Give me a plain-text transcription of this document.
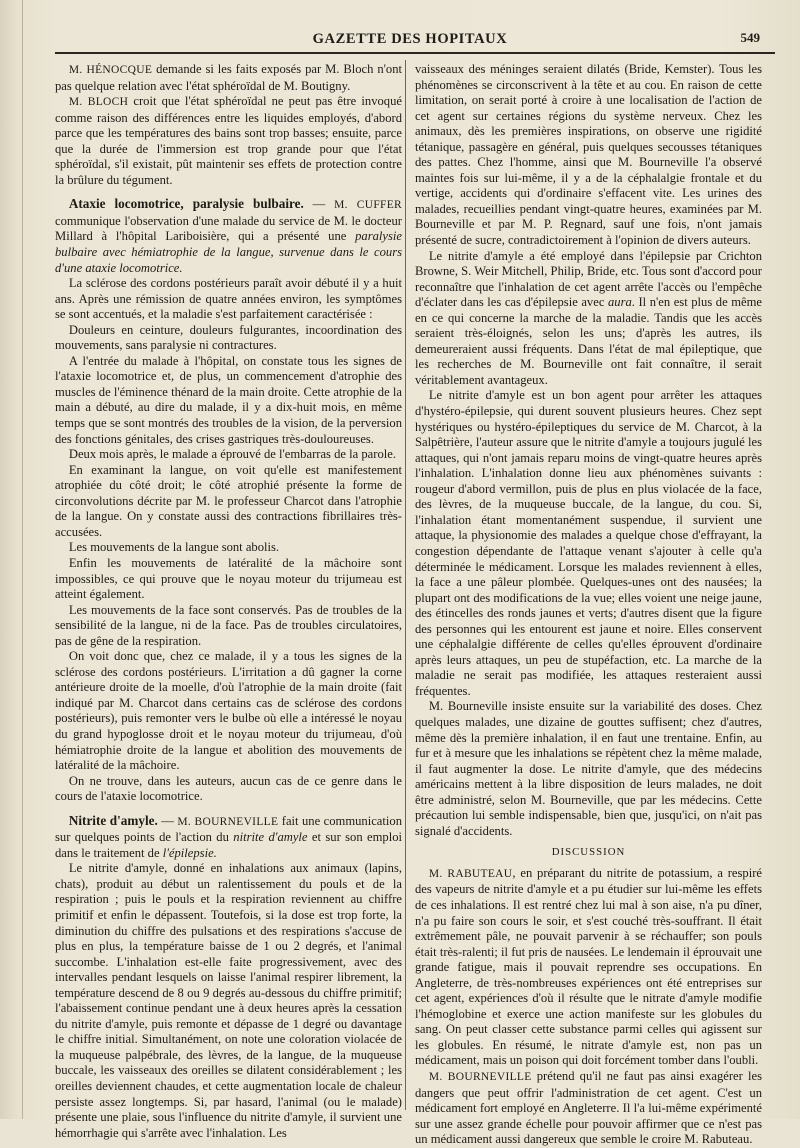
GAZETTE DES HOPITAUX	549

M. HÉNOCQUE demande si les faits exposés par M. Bloch n'ont pas quelque relation avec l'état sphéroïdal de M. Boutigny.

M. BLOCH croit que l'état sphéroïdal ne peut pas être invoqué comme raison des différences entre les liquides employés, d'abord parce que les températures des bains sont trop basses; ensuite, parce que la durée de l'immersion est trop grande pour que l'état sphéroïdal, s'il existait, pût maintenir ses effets de protection contre la brûlure du tégument.

Ataxie locomotrice, paralysie bulbaire. — M. CUFFER communique l'observation d'une malade du service de M. le docteur Millard à l'hôpital Lariboisière, qui a présenté une paralysie bulbaire avec hémiatrophie de la langue, survenue dans le cours d'une ataxie locomotrice.

La sclérose des cordons postérieurs paraît avoir débuté il y a huit ans. Après une rémission de quatre années environ, les symptômes se sont accentués, et la maladie s'est parfaitement caractérisée :

Douleurs en ceinture, douleurs fulgurantes, incoordination des mouvements, sans paralysie ni contractures.

A l'entrée du malade à l'hôpital, on constate tous les signes de l'ataxie locomotrice et, de plus, un commencement d'atrophie des muscles de l'éminence thénard de la main droite. Cette atrophie de la main a débuté, au dire du malade, il y a dix-huit mois, en même temps que se sont montrés des troubles de la vision, de la perversion des fonctions génitales, des crises gastriques très-douloureuses.

Deux mois après, le malade a éprouvé de l'embarras de la parole.

En examinant la langue, on voit qu'elle est manifestement atrophiée du côté droit; le côté atrophié présente la forme de circonvolutions décrite par M. le professeur Charcot dans l'atrophie de la langue. On y constate aussi des contractions fibrillaires très-accusées.

Les mouvements de la langue sont abolis.

Enfin les mouvements de latéralité de la mâchoire sont impossibles, ce qui prouve que le noyau moteur du trijumeau est atteint également.

Les mouvements de la face sont conservés. Pas de troubles de la sensibilité de la langue, ni de la face. Pas de troubles circulatoires, pas de gêne de la respiration.

On voit donc que, chez ce malade, il y a tous les signes de la sclérose des cordons postérieurs. L'irritation a dû gagner la corne antérieure droite de la moelle, d'où l'atrophie de la main droite (fait indiqué par M. Charcot dans certains cas de sclérose des cordons postérieurs), puis remonter vers le bulbe où elle a intéressé le noyau du grand hypoglosse droit et le noyau moteur du trijumeau, d'où hémiatrophie droite de la langue et abolition des mouvements de latéralité de la mâchoire.

On ne trouve, dans les auteurs, aucun cas de ce genre dans le cours de l'ataxie locomotrice.

Nitrite d'amyle. — M. BOURNEVILLE fait une communication sur quelques points de l'action du nitrite d'amyle et sur son emploi dans le traitement de l'épilepsie.

Le nitrite d'amyle, donné en inhalations aux animaux (lapins, chats), produit au début un ralentissement du pouls et de la respiration ; puis le pouls et la respiration reviennent au chiffre primitif et enfin le dépassent. Toutefois, si la dose est trop forte, la diminution du chiffre des pulsations et des respirations s'accuse de plus en plus, la température baisse de 1 ou 2 degrés, et l'animal succombe. L'inhalation est-elle faite progressivement, avec des intervalles pendant lesquels on laisse l'animal respirer librement, la température descend de 8 ou 9 degrés au-dessous du chiffre primitif; l'abaissement continue pendant une à deux heures après la cessation du nitrite d'amyle, puis remonte et dépasse de 1 degré ou davantage le chiffre initial. Simultanément, on note une coloration violacée de la muqueuse palpébrale, des lèvres, de la langue, de la muqueuse buccale, les vaisseaux des oreilles se dilatent considérablement ; les oreilles deviennent chaudes, et cette augmentation locale de chaleur persiste assez longtemps. Si, par hasard, l'animal (ou le malade) présente une plaie, sous l'influence du nitrite d'amyle, il survient une hémorrhagie qui s'arrête avec l'inhalation. Les

vaisseaux des méninges seraient dilatés (Bride, Kemster). Tous les phénomènes se circonscrivent à la tête et au cou. En raison de cette limitation, on serait porté à croire à une localisation de l'action de cet agent sur certaines régions du système nerveux. Chez les animaux, dès les premières inspirations, on observe une rigidité tétanique, passagère en général, puis quelques secousses tétaniques des pattes. Chez l'homme, ainsi que M. Bourneville l'a observé maintes fois sur lui-même, il y a de la céphalalgie frontale et du vertige, accidents qui d'ordinaire s'effacent vite. Les urines des malades, recueillies pendant vingt-quatre heures, examinées par M. Bourneville et par M. P. Regnard, sauf une fois, n'ont jamais présenté de sucre, contradictoirement à l'opinion de divers auteurs.

Le nitrite d'amyle a été employé dans l'épilepsie par Crichton Browne, S. Weir Mitchell, Philip, Bride, etc. Tous sont d'accord pour reconnaître que l'inhalation de cet agent arrête l'accès ou l'empêche d'éclater dans les cas d'épilepsie avec aura. Il n'en est plus de même en ce qui concerne la marche de la maladie. Tandis que les accès seraient très-éloignés, selon les uns; d'après les autres, ils demeureraient aussi fréquents. Dans l'état de mal épileptique, que les recherches de M. Bourneville ont fait connaître, il serait véritablement avantageux.

Le nitrite d'amyle est un bon agent pour arrêter les attaques d'hystéro-épilepsie, qui durent souvent plusieurs heures. Chez sept hystériques ou hystéro-épileptiques du service de M. Charcot, à la Salpêtrière, l'auteur assure que le nitrite d'amyle a toujours jugulé les attaques, qui n'ont jamais reparu moins de vingt-quatre heures après l'inhalation. L'inhalation donne lieu aux phénomènes suivants : rougeur d'abord vermillon, puis de plus en plus violacée de la face, des lèvres, de la muqueuse buccale, de la langue, du cou. Si, l'inhalation étant momentanément suspendue, il survient une attaque, la physionomie des malades a quelque chose d'effrayant, la congestion dépendante de l'attaque venant s'ajouter à celle qu'a déterminée le médicament. Lorsque les malades reviennent à elles, la face a une pâleur plombée. Quelques-unes ont des nausées; la plupart ont des modifications de la vue; elles voient une neige jaune, des étincelles des ronds jaunes et verts; d'autres disent que la figure des personnes qui les entourent est jaune et noire. Elles conservent une céphalalgie différente de celles qu'elles éprouvent d'ordinaire après leurs attaques, un peu de stupéfaction, etc. La marche de la maladie ne serait pas modifiée, les attaques resteraient aussi fréquentes.

M. Bourneville insiste ensuite sur la variabilité des doses. Chez quelques malades, une dizaine de gouttes suffisent; chez d'autres, même dès la première inhalation, il en faut une trentaine. Enfin, au fur et à mesure que les inhalations se répètent chez la même malade, il faut augmenter la dose. Le nitrite d'amyle, que des médecins américains mettent à la libre disposition de leurs malades, ne doit être administré, selon M. Bourneville, que par les médecins. Cette précaution lui semble indispensable, bien que, jusqu'ici, on n'ait pas signalé d'accidents.

DISCUSSION

M. RABUTEAU, en préparant du nitrite de potassium, a respiré des vapeurs de nitrite d'amyle et a pu étudier sur lui-même les effets de ces inhalations. Il est rentré chez lui mal à son aise, n'a pu dîner, n'a pu faire son cours le soir, et s'est couché très-souffrant. Il était extrêmement pâle, ne pouvait parvenir à se réchauffer; son pouls était très-ralenti; il fut pris de nausées. Le lendemain il éprouvait une grande fatigue, mais il pouvait reprendre ses occupations. En Angleterre, de très-nombreuses expériences ont été entreprises sur cet agent, expériences d'où il résulte que le nitrate d'amyle modifie l'hémoglobine et exerce une action manifeste sur les globules du sang. On peut classer cette substance parmi celles qui agissent sur les globules. En résumé, le nitrate d'amyle est, non pas un médicament, mais un poison qui doit forcément tomber dans l'oubli.

M. BOURNEVILLE prétend qu'il ne faut pas ainsi exagérer les dangers que peut offrir l'administration de cet agent. C'est un médicament fort employé en Angleterre. Il l'a lui-même expérimenté sur une assez grande échelle pour pouvoir affirmer que ce n'est pas un médicament aussi dangereux que semble le croire M. Rabuteau.
